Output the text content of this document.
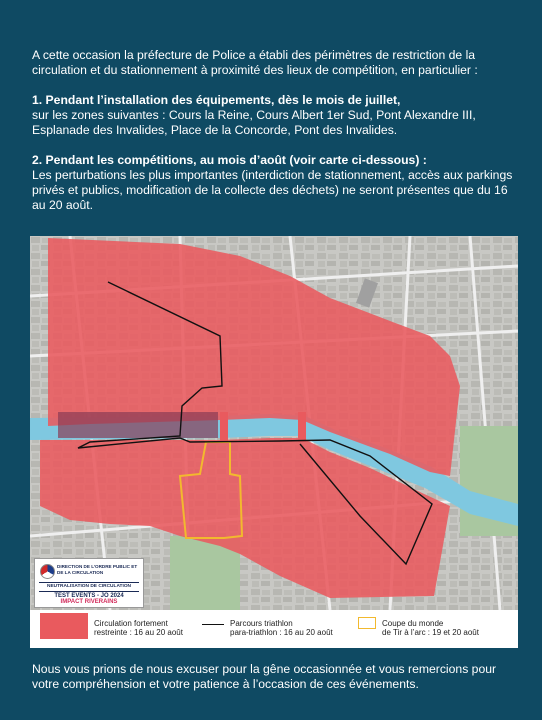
A cette occasion la préfecture de Police a établi des périmètres de restriction de la circulation et du stationnement à proximité des lieux de compétition, en particulier :

1. Pendant l’installation des équipements, dès le mois de juillet,
sur les zones suivantes : Cours la Reine, Cours Albert 1er Sud, Pont Alexandre III, Esplanade des Invalides, Place de la Concorde, Pont des Invalides.

2. Pendant les compétitions, au mois d’août (voir carte ci-dessous) :
Les perturbations les plus importantes (interdiction de stationnement, accès aux parkings privés et publics, modification de la collecte des déchets) ne seront présentes que du 16 au 20 août.

DIRECTION DE L’ORDRE PUBLIC ET DE LA CIRCULATION
NEUTRALISATION DE CIRCULATION
TEST EVENTS - JO 2024
IMPACT RIVERAINS
Circulation fortement
restreinte : 16 au 20 août
Parcours triathlon
para-triathlon : 16 au 20 août
Coupe du monde
de Tir à l’arc : 19 et 20 août
Nous vous prions de nous excuser pour la gêne occasionnée et vous remercions pour votre compréhension et votre patience à l’occasion de ces événements.
